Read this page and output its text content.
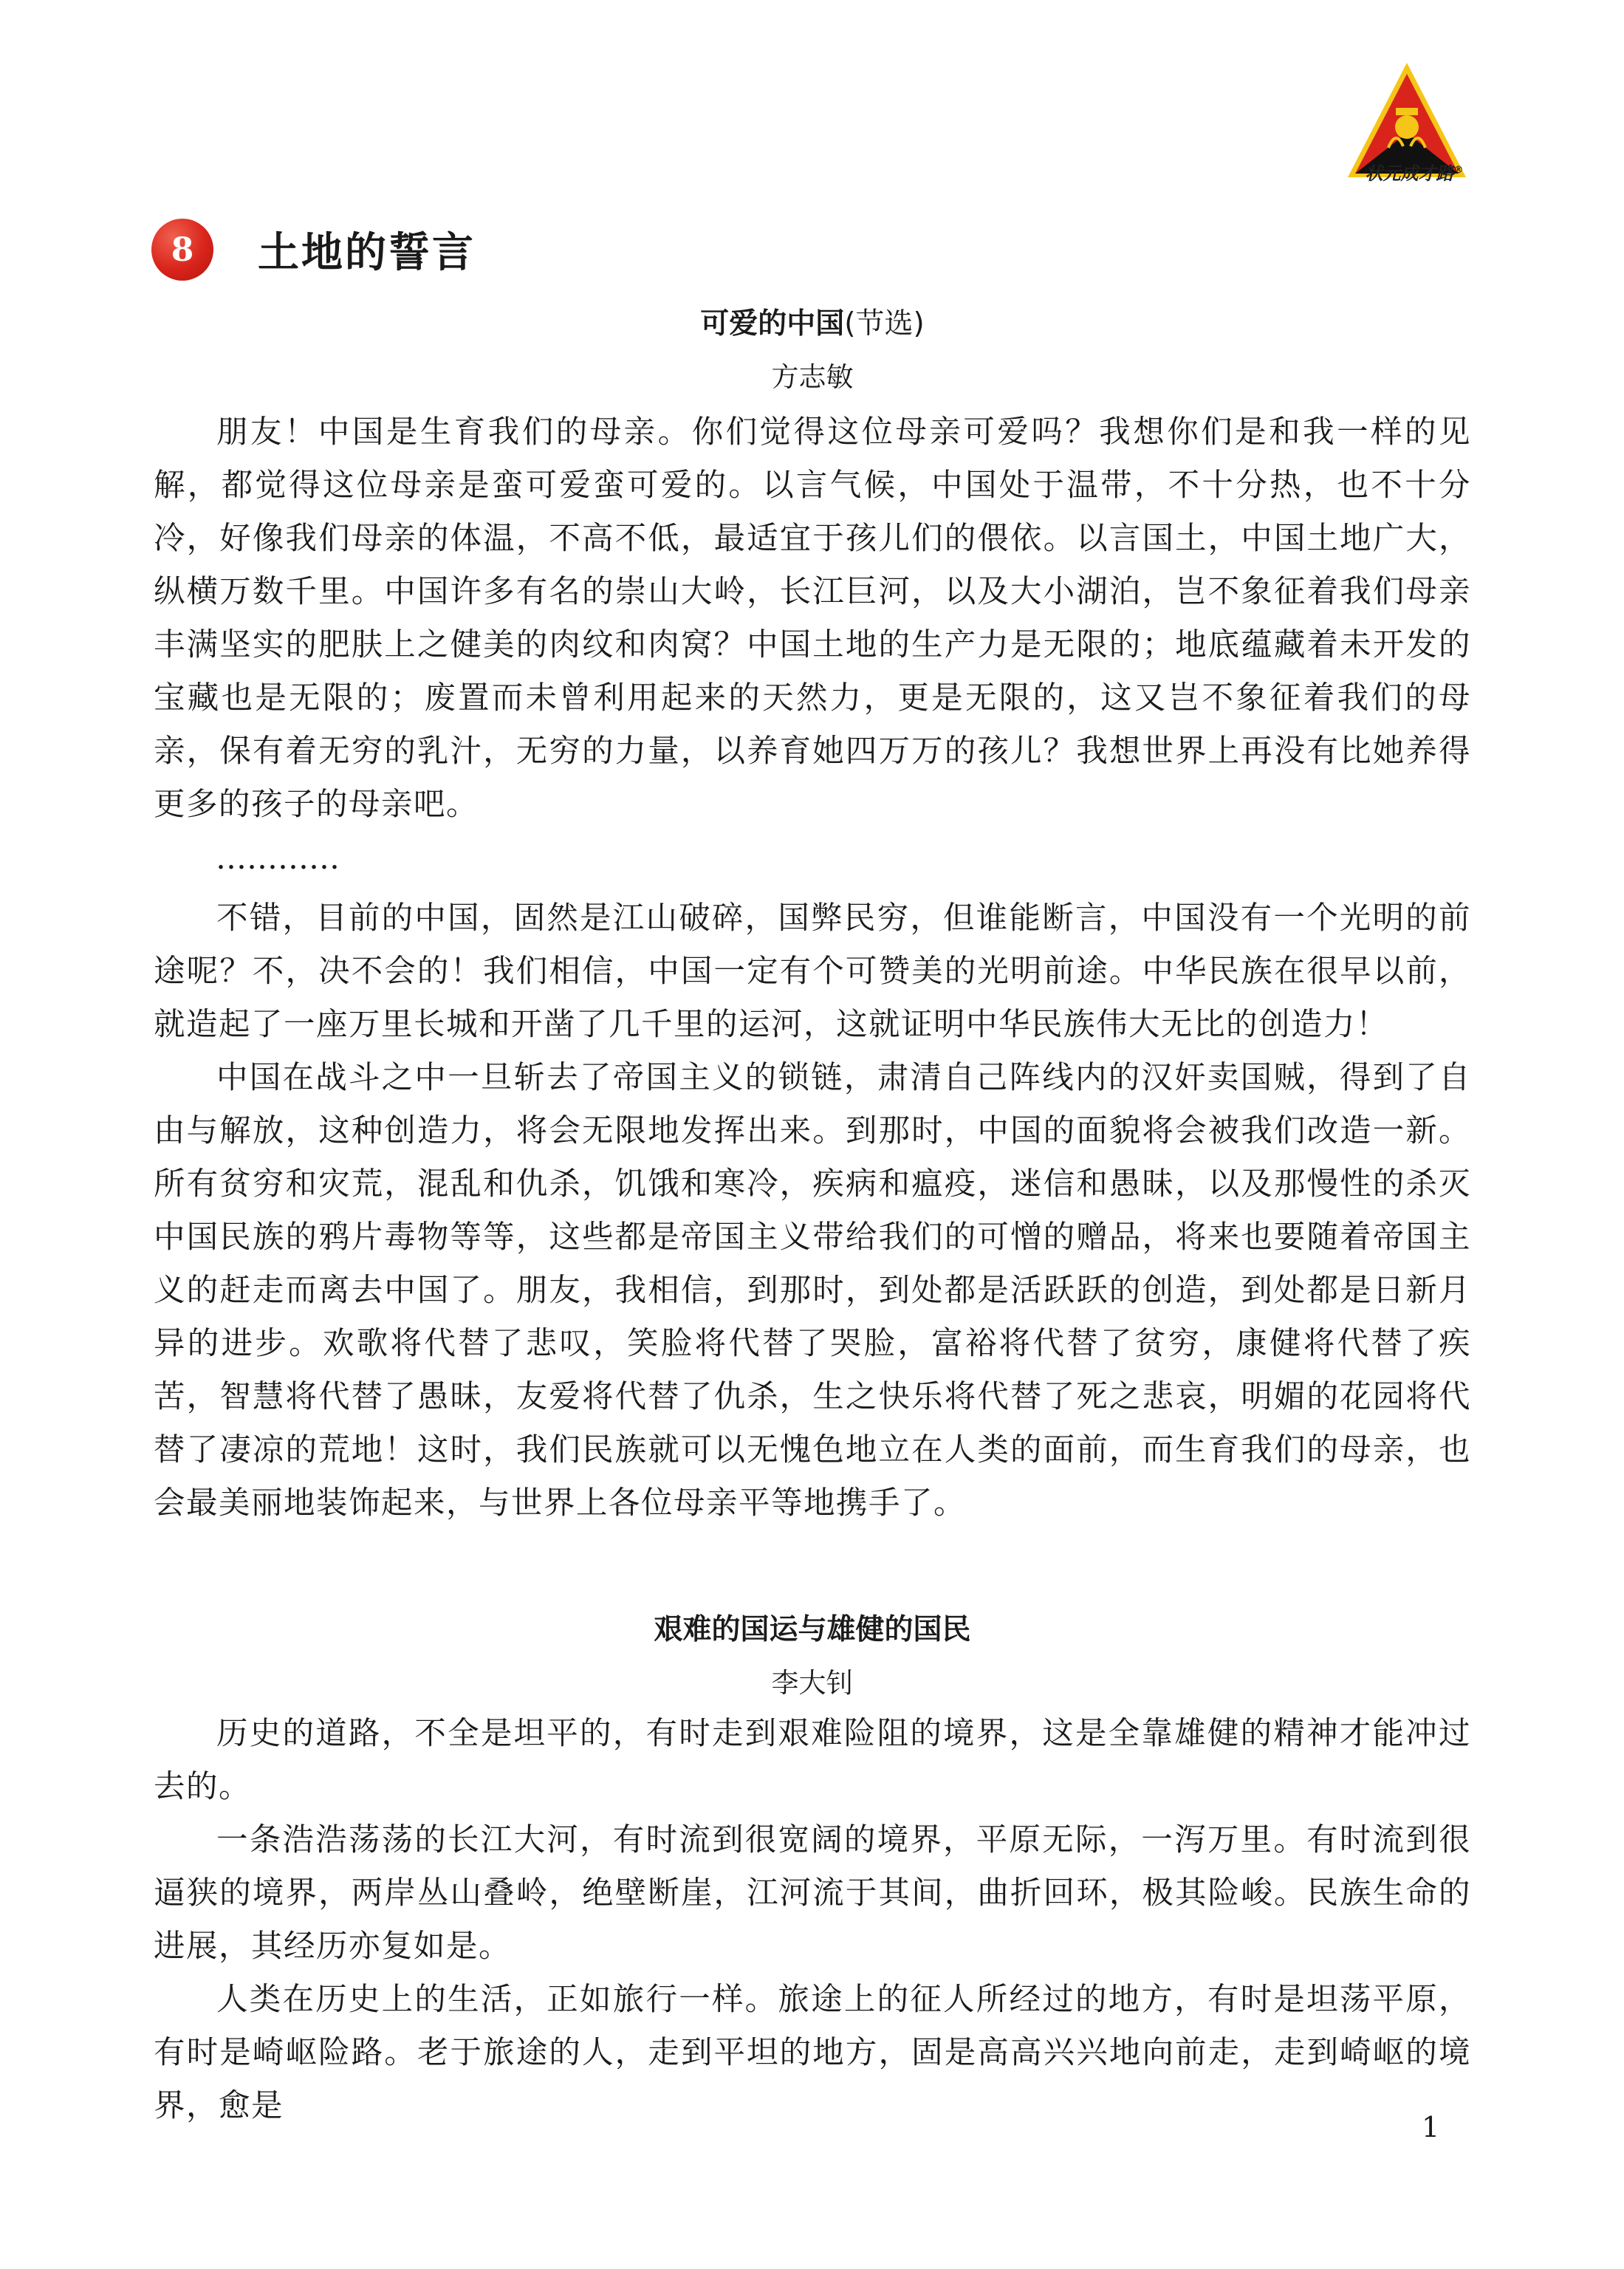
状元成才路®
8	土地的誓言
可爱的中国(节选)
方志敏

朋友！中国是生育我们的母亲。你们觉得这位母亲可爱吗？我想你们是和我一样的见解，都觉得这位母亲是蛮可爱蛮可爱的。以言气候，中国处于温带，不十分热，也不十分冷，好像我们母亲的体温，不高不低，最适宜于孩儿们的偎依。以言国土，中国土地广大，纵横万数千里。中国许多有名的崇山大岭，长江巨河，以及大小湖泊，岂不象征着我们母亲丰满坚实的肥肤上之健美的肉纹和肉窝？中国土地的生产力是无限的；地底蕴藏着未开发的宝藏也是无限的；废置而未曾利用起来的天然力，更是无限的，这又岂不象征着我们的母亲，保有着无穷的乳汁，无穷的力量，以养育她四万万的孩儿？我想世界上再没有比她养得更多的孩子的母亲吧。

…………

不错，目前的中国，固然是江山破碎，国弊民穷，但谁能断言，中国没有一个光明的前途呢？不，决不会的！我们相信，中国一定有个可赞美的光明前途。中华民族在很早以前，就造起了一座万里长城和开凿了几千里的运河，这就证明中华民族伟大无比的创造力！

中国在战斗之中一旦斩去了帝国主义的锁链，肃清自己阵线内的汉奸卖国贼，得到了自由与解放，这种创造力，将会无限地发挥出来。到那时，中国的面貌将会被我们改造一新。所有贫穷和灾荒，混乱和仇杀，饥饿和寒冷，疾病和瘟疫，迷信和愚昧，以及那慢性的杀灭中国民族的鸦片毒物等等，这些都是帝国主义带给我们的可憎的赠品，将来也要随着帝国主义的赶走而离去中国了。朋友，我相信，到那时，到处都是活跃跃的创造，到处都是日新月异的进步。欢歌将代替了悲叹，笑脸将代替了哭脸，富裕将代替了贫穷，康健将代替了疾苦，智慧将代替了愚昧，友爱将代替了仇杀，生之快乐将代替了死之悲哀，明媚的花园将代替了凄凉的荒地！这时，我们民族就可以无愧色地立在人类的面前，而生育我们的母亲，也会最美丽地装饰起来，与世界上各位母亲平等地携手了。

艰难的国运与雄健的国民
李大钊

历史的道路，不全是坦平的，有时走到艰难险阻的境界，这是全靠雄健的精神才能冲过去的。

一条浩浩荡荡的长江大河，有时流到很宽阔的境界，平原无际，一泻万里。有时流到很逼狭的境界，两岸丛山叠岭，绝壁断崖，江河流于其间，曲折回环，极其险峻。民族生命的进展，其经历亦复如是。

人类在历史上的生活，正如旅行一样。旅途上的征人所经过的地方，有时是坦荡平原，有时是崎岖险路。老于旅途的人，走到平坦的地方，固是高高兴兴地向前走，走到崎岖的境界，愈是

1
